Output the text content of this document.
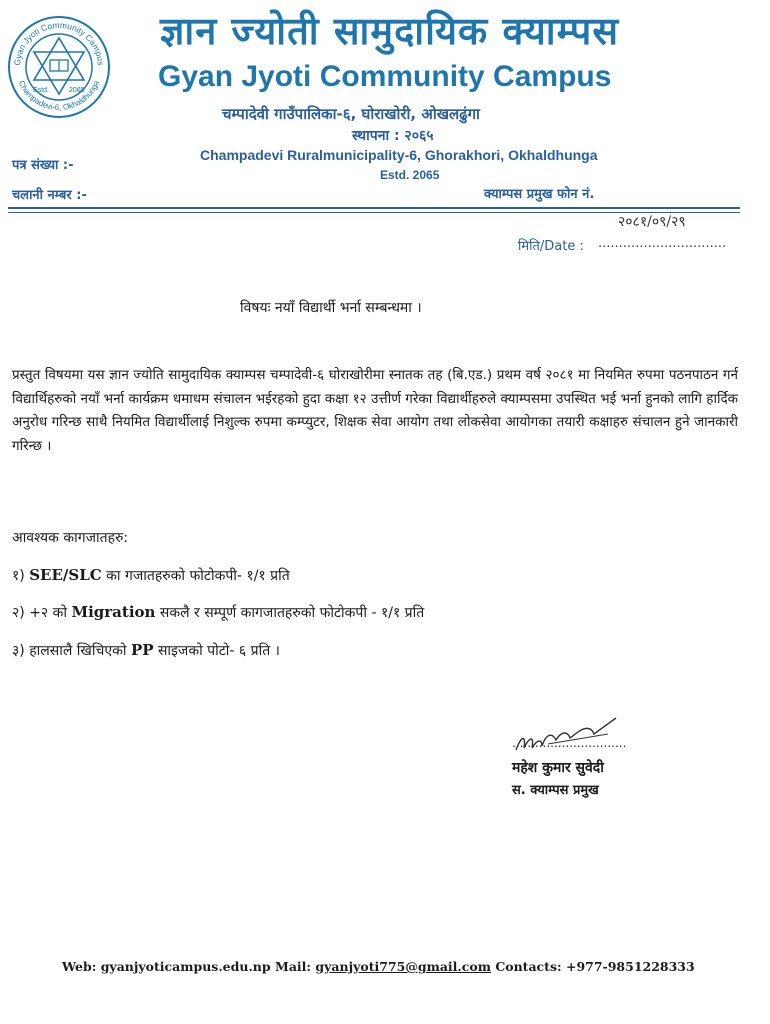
Gyan Jyoti Community Campus
Champadevi-6, Okhaldhunga
Estd.	2065
ज्ञान ज्योती सामुदायिक क्याम्पस
Gyan Jyoti Community Campus
चम्पादेवी गाउँपालिका-६, घोराखोरी, ओखलढुंगा
स्थापना : २०६५
Champadevi Ruralmunicipality-6, Ghorakhori, Okhaldhunga
Estd. 2065
पत्र संख्या :-
चलानी नम्बर :-	क्याम्पस प्रमुख फोन नं.
२०८१/०९/२९
मिति/Date : ...............................
विषयः नयाँ विद्यार्थी भर्ना सम्बन्धमा ।
प्रस्तुत विषयमा यस ज्ञान ज्योति सामुदायिक क्याम्पस चम्पादेवी-६ घोराखोरीमा स्नातक तह (बि.एड.) प्रथम वर्ष २०८१ मा नियमित रुपमा पठनपाठन गर्न विद्यार्थिहरुको नयाँ भर्ना कार्यक्रम धमाधम संचालन भईरहको हुदा कक्षा १२ उत्तीर्ण गरेका विद्यार्थीहरुले क्याम्पसमा उपस्थित भई भर्ना हुनको लागि हार्दिक अनुरोध गरिन्छ साथै नियमित विद्यार्थीलाई निशुल्क रुपमा कम्प्युटर, शिक्षक सेवा आयोग तथा लोकसेवा आयोगका तयारी कक्षाहरु संचालन हुने जानकारी गरिन्छ ।
आवश्यक कागजातहरु:
१) SEE/SLC का गजातहरुको फोटोकपी- १/१ प्रति
२) +२ को Migration सकलै र सम्पूर्ण कागजातहरुको फोटोकपी - १/१ प्रति
३) हालसालै खिचिएको PP साइजको पोटो- ६ प्रति ।
..............................
महेश कुमार सुवेदी
स. क्याम्पस प्रमुख
Web: gyanjyoticampus.edu.np Mail: gyanjyoti775@gmail.com Contacts: +977-9851228333
